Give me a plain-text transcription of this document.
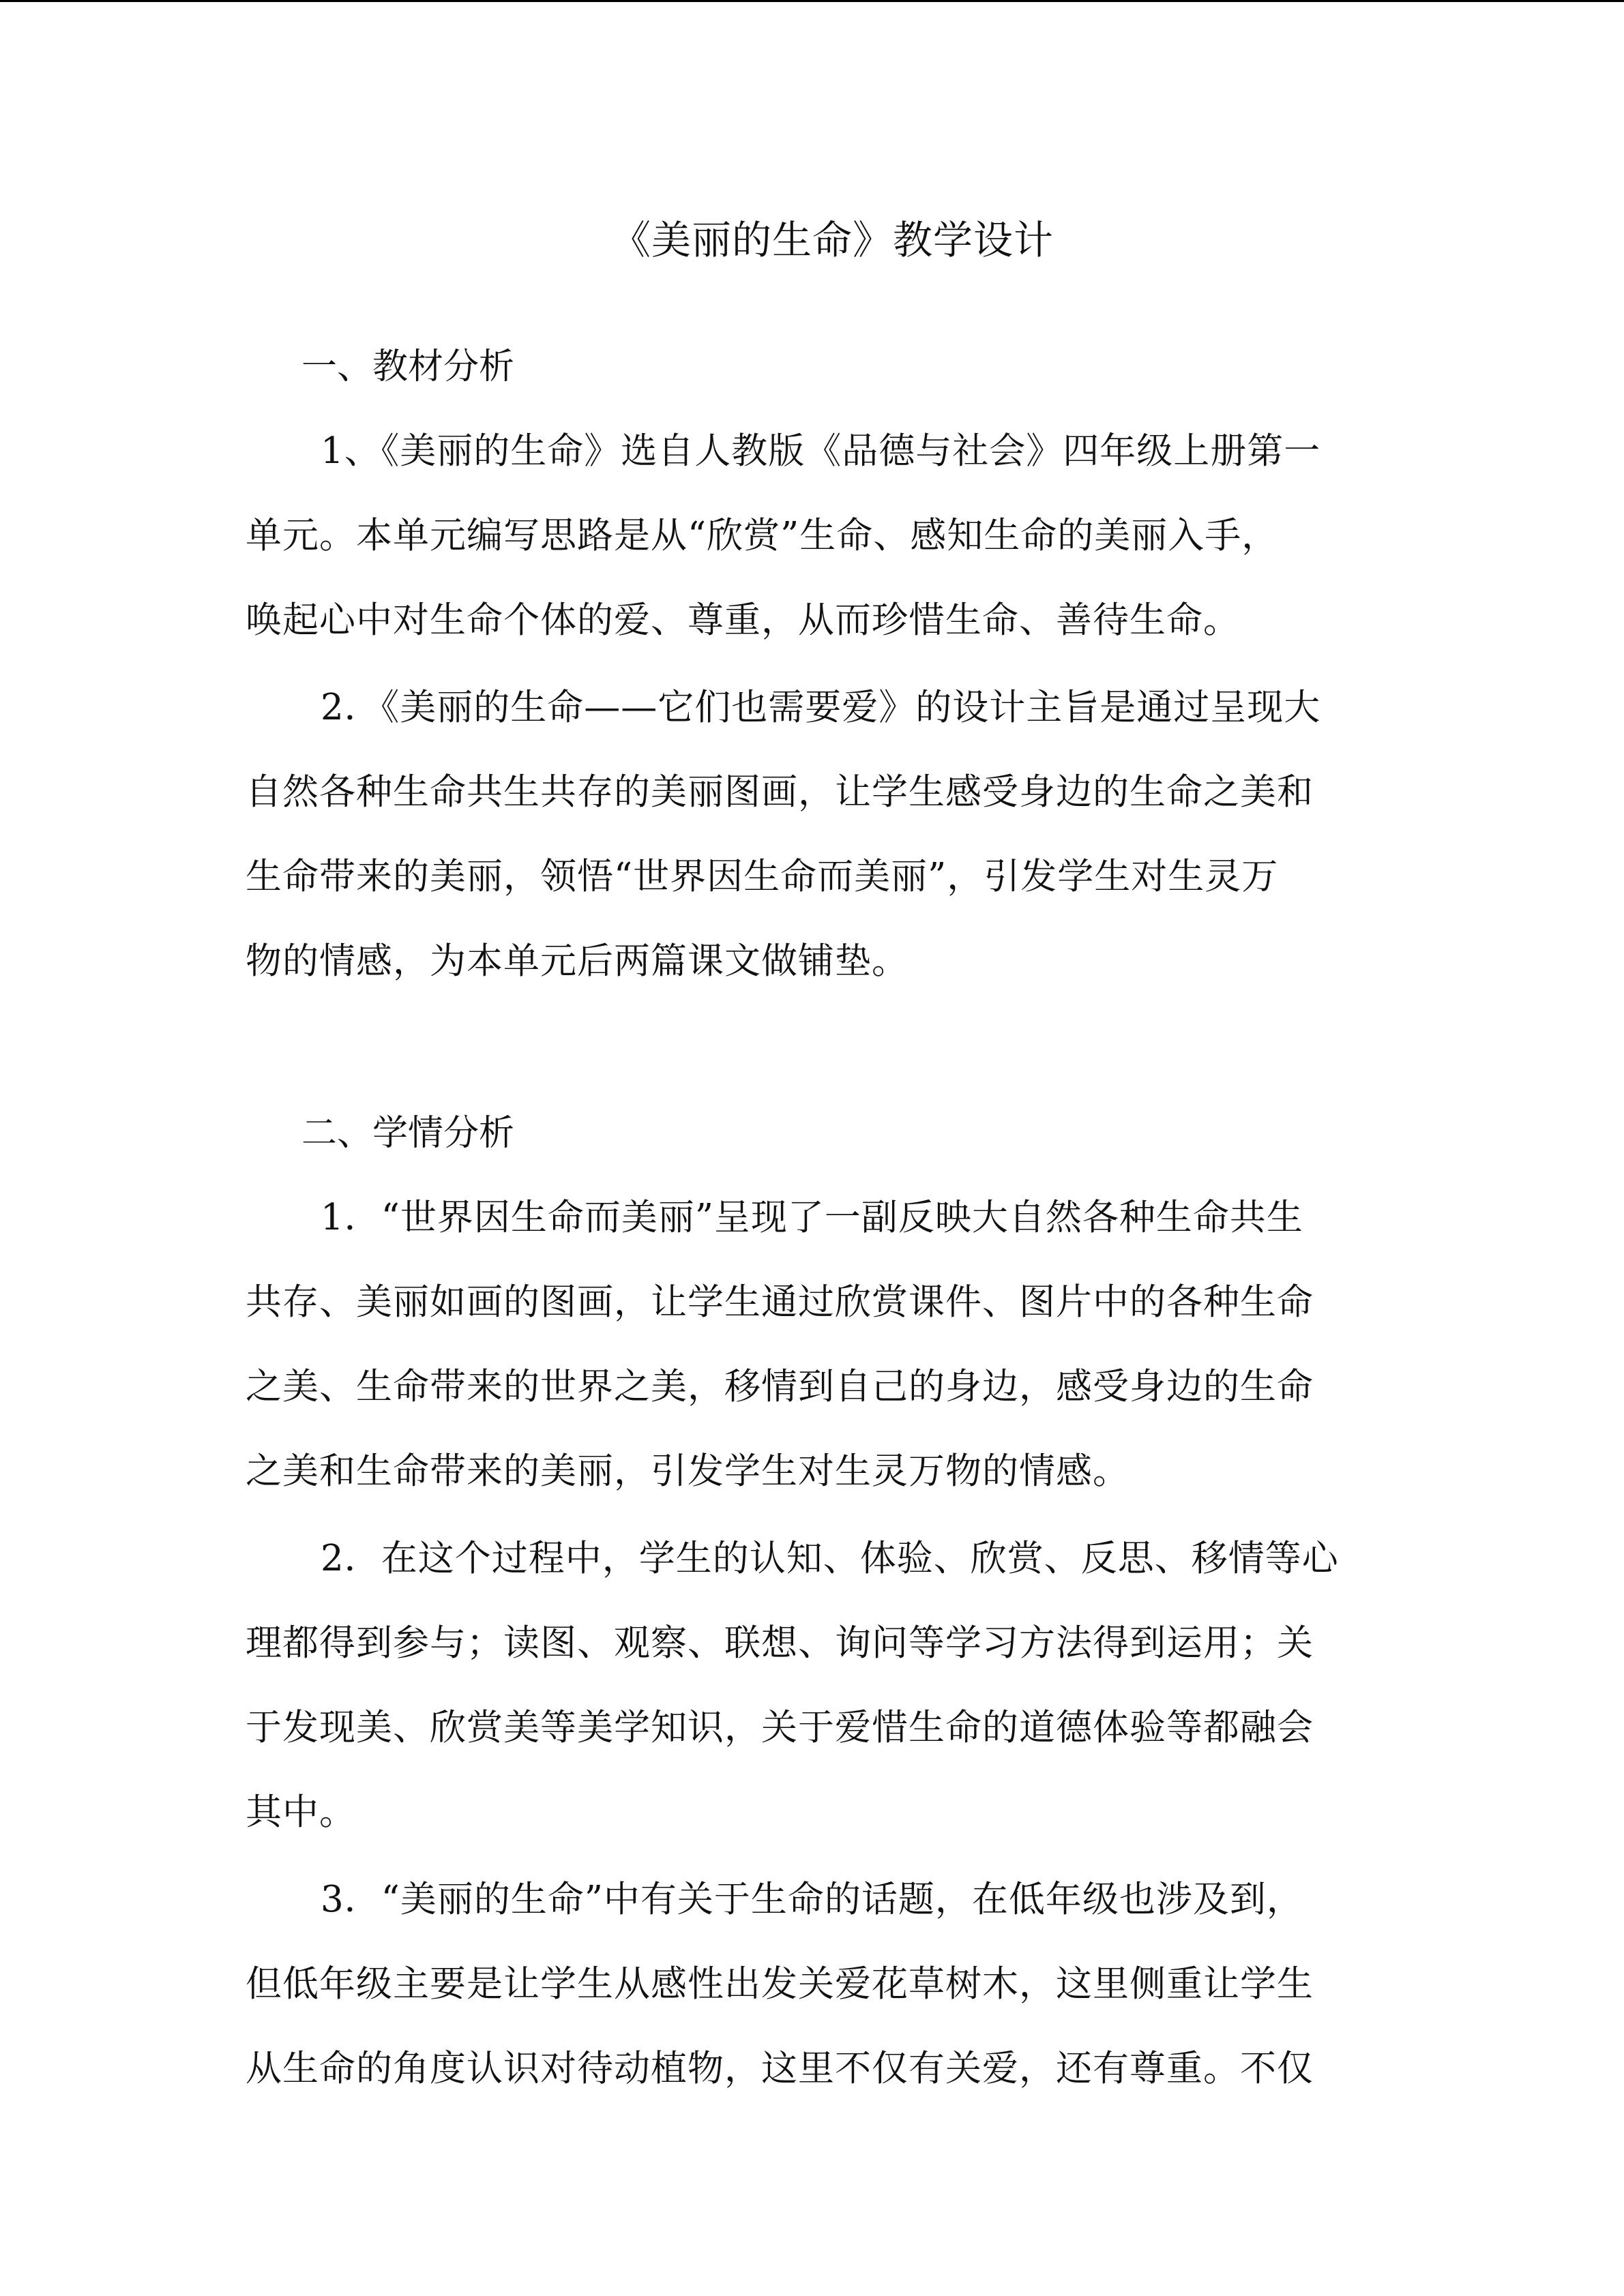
《美丽的生命》教学设计
一、教材分析
1、《美丽的生命》选自人教版《品德与社会》四年级上册第一
单元。本单元编写思路是从“欣赏”生命、感知生命的美丽入手，
唤起心中对生命个体的爱、尊重，从而珍惜生命、善待生命。
2．《美丽的生命——它们也需要爱》的设计主旨是通过呈现大
自然各种生命共生共存的美丽图画，让学生感受身边的生命之美和
生命带来的美丽，领悟“世界因生命而美丽”，引发学生对生灵万
物的情感，为本单元后两篇课文做铺垫。
二、学情分析
1．“世界因生命而美丽”呈现了一副反映大自然各种生命共生
共存、美丽如画的图画，让学生通过欣赏课件、图片中的各种生命
之美、生命带来的世界之美，移情到自己的身边，感受身边的生命
之美和生命带来的美丽，引发学生对生灵万物的情感。
2．在这个过程中，学生的认知、体验、欣赏、反思、移情等心
理都得到参与；读图、观察、联想、询问等学习方法得到运用；关
于发现美、欣赏美等美学知识，关于爱惜生命的道德体验等都融会
其中。
3．“美丽的生命”中有关于生命的话题，在低年级也涉及到，
但低年级主要是让学生从感性出发关爱花草树木，这里侧重让学生
从生命的角度认识对待动植物，这里不仅有关爱，还有尊重。不仅
